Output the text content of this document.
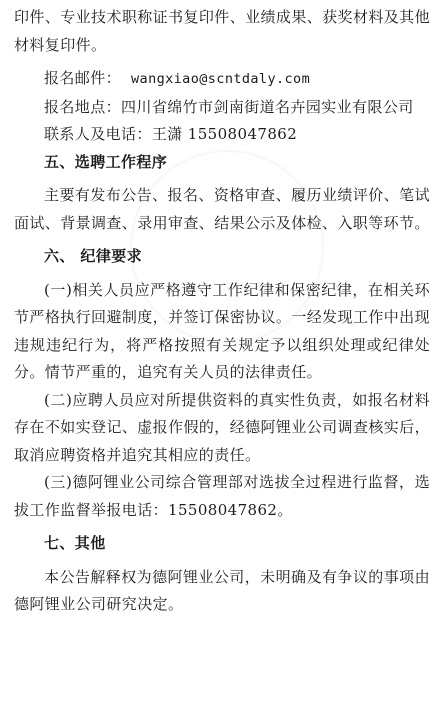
印件、专业技术职称证书复印件、业绩成果、获奖材料及其他材料复印件。

报名邮件： wangxiao@scntdaly.com

报名地点：四川省绵竹市剑南街道名卉园实业有限公司

联系人及电话：王潇 15508047862

五、选聘工作程序

主要有发布公告、报名、资格审查、履历业绩评价、笔试面试、背景调查、录用审查、结果公示及体检、入职等环节。

六、 纪律要求

(一)相关人员应严格遵守工作纪律和保密纪律，在相关环节严格执行回避制度，并签订保密协议。一经发现工作中出现违规违纪行为，将严格按照有关规定予以组织处理或纪律处分。情节严重的，追究有关人员的法律责任。

(二)应聘人员应对所提供资料的真实性负责，如报名材料存在不如实登记、虚报作假的，经德阿锂业公司调查核实后，取消应聘资格并追究其相应的责任。

(三)德阿锂业公司综合管理部对选拔全过程进行监督，选拔工作监督举报电话：15508047862。

七、其他

本公告解释权为德阿锂业公司，未明确及有争议的事项由德阿锂业公司研究决定。
